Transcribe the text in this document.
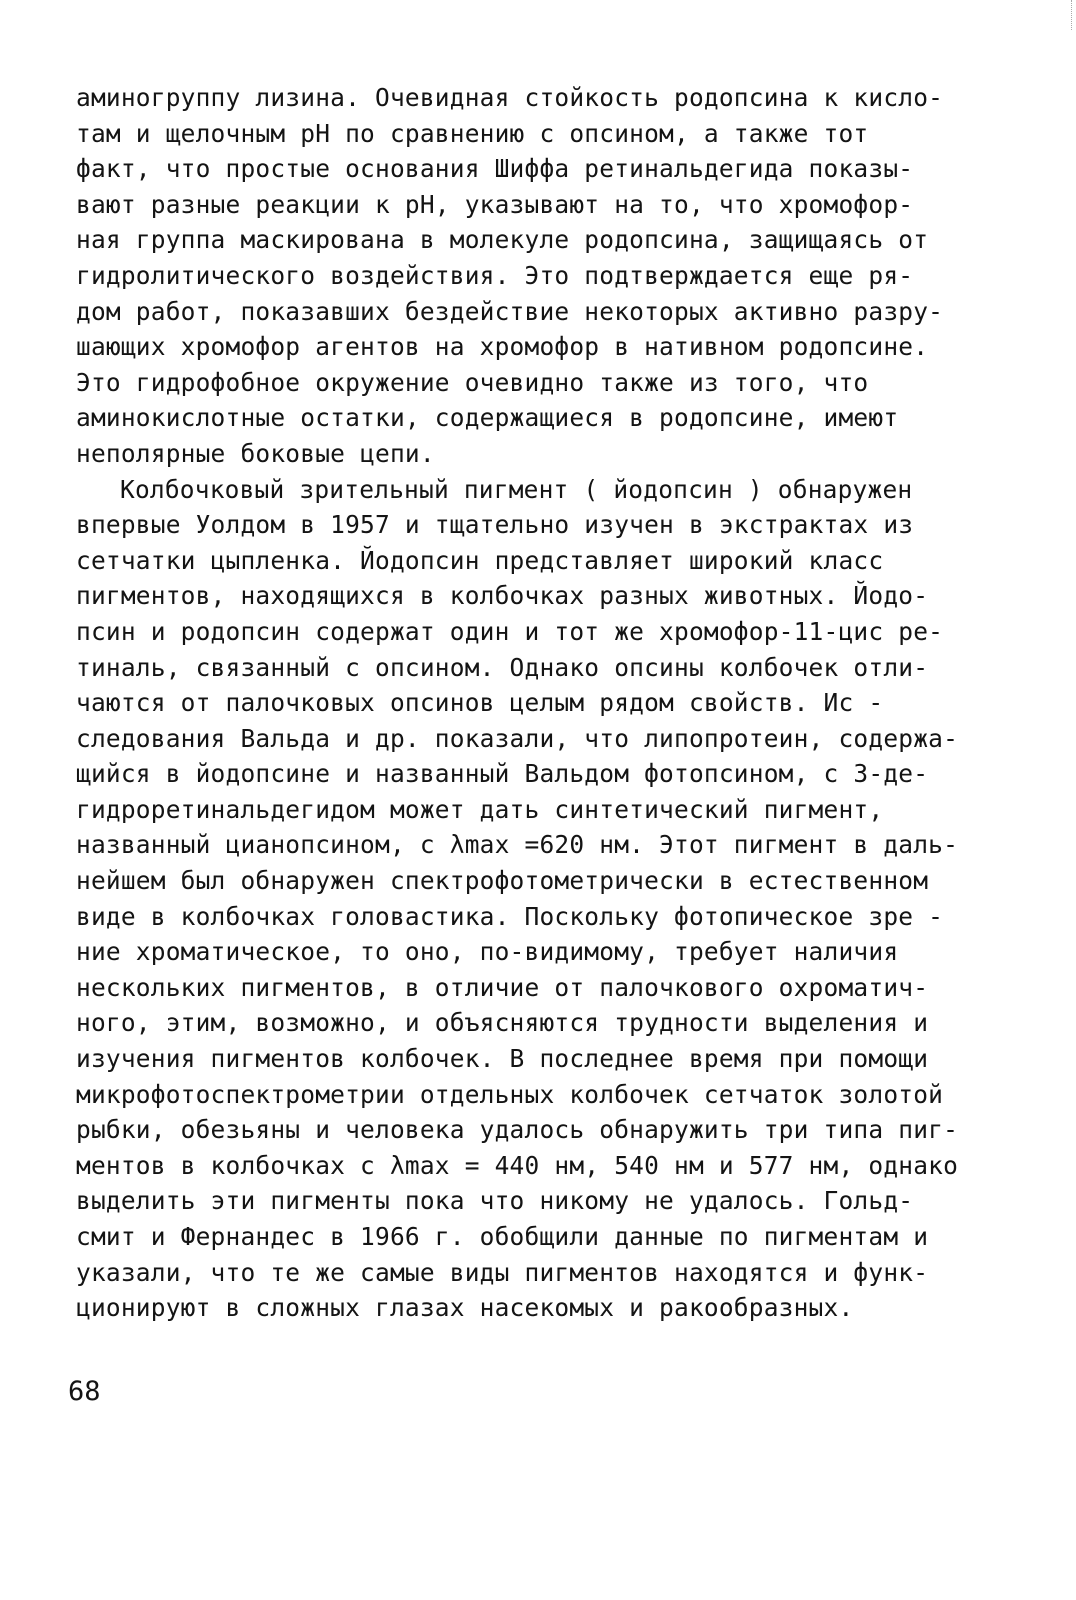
аминогруппу лизина. Очевидная стойкость родопсина к кисло-
там и щелочным pH по сравнению с опсином, а также тот
факт, что простые основания Шиффа ретинальдегида показы-
вают разные реакции к pH, указывают на то, что хромофор-
ная группа маскирована в молекуле родопсина, защищаясь от
гидролитического воздействия. Это подтверждается еще ря-
дом работ, показавших бездействие некоторых активно разру-
шающих хромофор агентов на хромофор в нативном родопсине.
Это гидрофобное окружение очевидно также из того, что
аминокислотные остатки, содержащиеся в родопсине, имеют
неполярные боковые цепи.
Колбочковый зрительный пигмент ( йодопсин ) обнаружен
впервые Уолдом в 1957 и тщательно изучен в экстрактах из
сетчатки цыпленка. Йодопсин представляет широкий класс
пигментов, находящихся в колбочках разных животных. Йодо-
псин и родопсин содержат один и тот же хромофор-11-цис ре-
тиналь, связанный с опсином. Однако опсины колбочек отли-
чаются от палочковых опсинов целым рядом свойств. Ис -
следования Вальда и др. показали, что липопротеин, содержа-
щийся в йодопсине и названный Вальдом фотопсином, с 3-де-
гидроретинальдегидом может дать синтетический пигмент,
названный цианопсином, с λmax =620 нм. Этот пигмент в даль-
нейшем был обнаружен спектрофотометрически в естественном
виде в колбочках головастика. Поскольку фотопическое зре -
ние хроматическое, то оно, по-видимому, требует наличия
нескольких пигментов, в отличие от палочкового охроматич-
ного, этим, возможно, и объясняются трудности выделения и
изучения пигментов колбочек. В последнее время при помощи
микрофотоспектрометрии отдельных колбочек сетчаток золотой
рыбки, обезьяны и человека удалось обнаружить три типа пиг-
ментов в колбочках с λmax = 440 нм, 540 нм и 577 нм, однако
выделить эти пигменты пока что никому не удалось. Гольд-
смит и Фернандес в 1966 г. обобщили данные по пигментам и
указали, что те же самые виды пигментов находятся и функ-
ционируют в сложных глазах насекомых и ракообразных.
68
